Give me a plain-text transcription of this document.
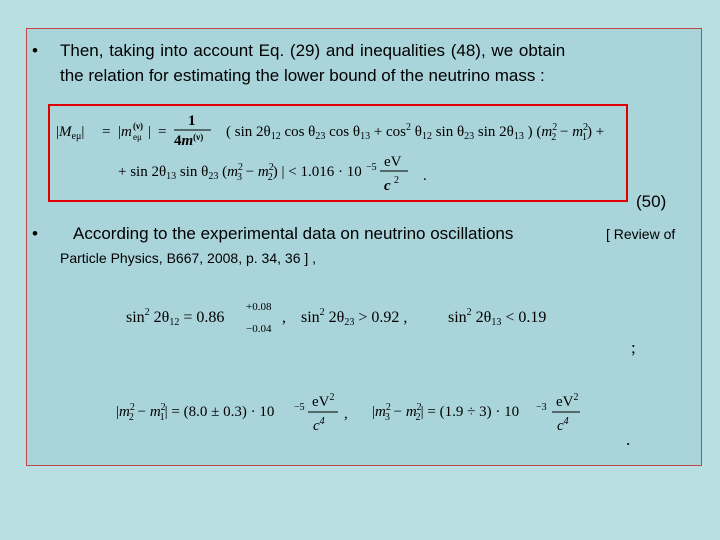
• Then, taking into account Eq. (29) and inequalities (48), we obtain
the relation for estimating the lower bound of the neutrino mass :
$|M_{e\mu}| = |m$ (ν)
eμ | =
1
$4m^{(\nu)}$ ( $\sin 2\theta_{12}$ $\cos \theta_{23}$ $\cos \theta_{13} + \cos^2 \theta_{12}$ $\sin \theta_{23}$ $\sin 2\theta_{13}$ ) ($m^2$ $2 - m^2$ 1) +
+ $\sin 2\theta_{13}$ $\sin \theta_{23}$ ($m^2$ $3 - m^2$ 2) | < 1.016 · 10 −5 eV
c 2 .
(50)
• According to the experimental data on neutrino oscillations	[ Review of
Particle Physics, B667, 2008, p. 34, 36 ] ,
$\sin^2 2\theta 12 = 0.86$
+0.08
−0.04
, $\sin^2 2\theta 23 > 0.92$ ,	$\sin^2 2\theta 13 < 0.19$
;
$|m^2$ $2 - m^2$ 1| = (8.0 ± 0.3) · 10 −5 $eV^2$
$c^4$ , $|m^2$ $3 - m^2$ 2| = (1.9 ÷ 3) · 10 −3 $eV^2$
$c^4$
.
